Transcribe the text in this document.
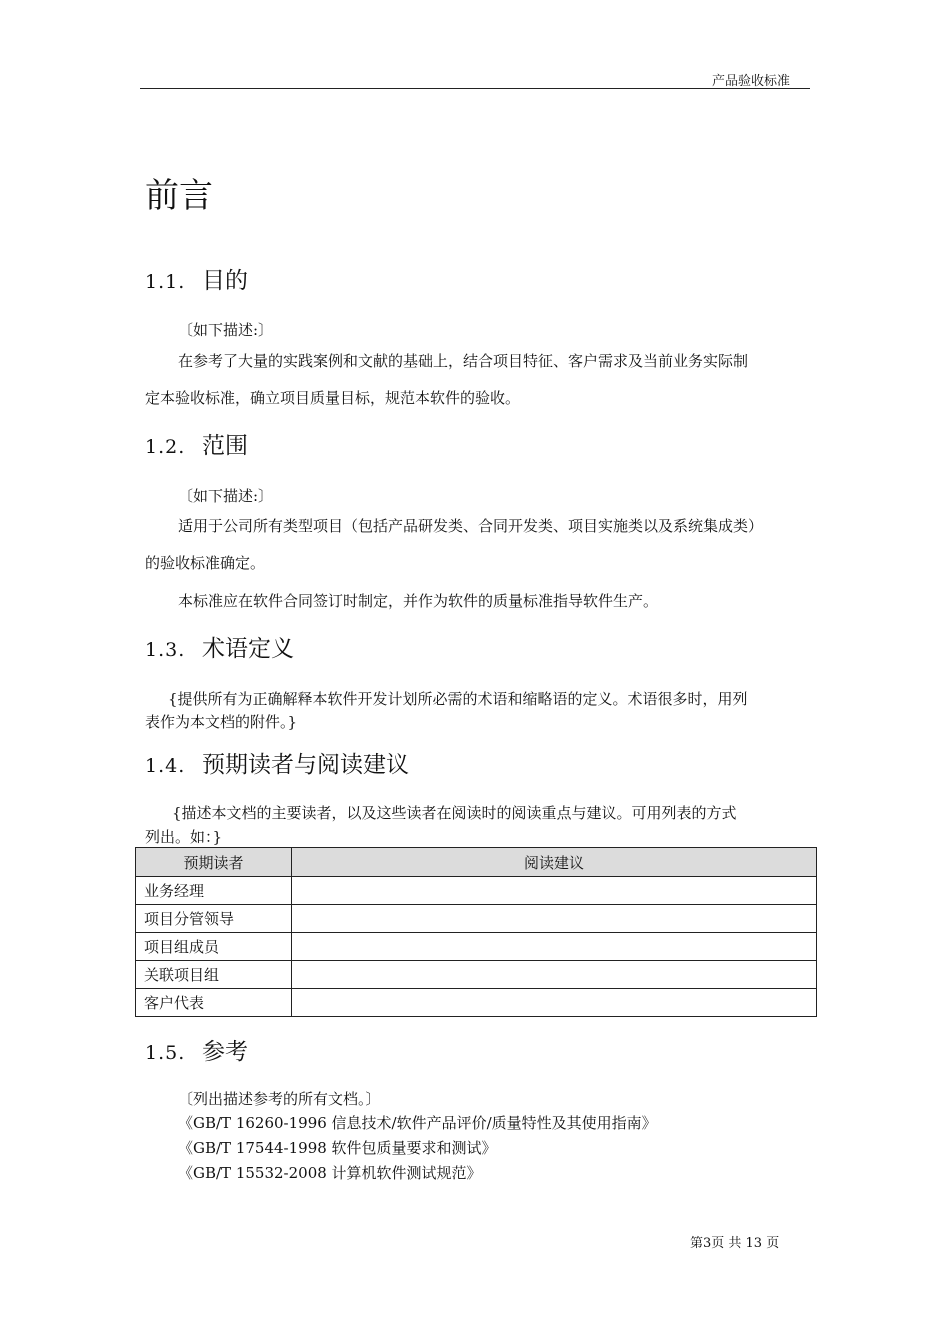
产品验收标准
前言
1.1. 目的
〔如下描述:〕
在参考了大量的实践案例和文献的基础上，结合项目特征、客户需求及当前业务实际制
定本验收标准，确立项目质量目标，规范本软件的验收。
1.2. 范围
〔如下描述:〕
适用于公司所有类型项目（包括产品研发类、合同开发类、项目实施类以及系统集成类）
的验收标准确定。
本标准应在软件合同签订时制定，并作为软件的质量标准指导软件生产。
1.3. 术语定义
{提供所有为正确解释本软件开发计划所必需的术语和缩略语的定义。术语很多时，用列
表作为本文档的附件。}
1.4. 预期读者与阅读建议
{描述本文档的主要读者，以及这些读者在阅读时的阅读重点与建议。可用列表的方式
列出。如：}
预期读者	阅读建议
业务经理	
项目分管领导	
项目组成员	
关联项目组	
客户代表	
1.5. 参考
〔列出描述参考的所有文档。〕
《GB/T 16260-1996 信息技术/软件产品评价/质量特性及其使用指南》
《GB/T 17544-1998 软件包质量要求和测试》
《GB/T 15532-2008 计算机软件测试规范》
第3页 共 13 页
